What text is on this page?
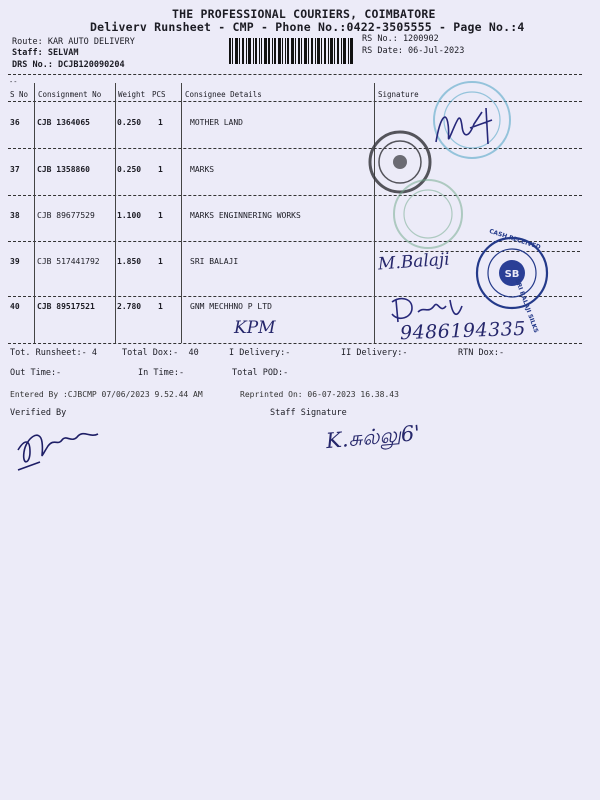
THE PROFESSIONAL COURIERS, COIMBATORE
Deliverv Runsheet - CMP - Phone No.:0422-3505555 - Page No.:4
Route: KAR AUTO DELIVERY
Staff: SELVAM
DRS No.: DCJB120090204
RS No.: 1200902
RS Date: 06-Jul-2023
--
S No Consignment No Weight PCS	Consignee Details	Signature
36 CJB 1364065	0.250 1	MOTHER LAND
37 CJB 1358860	0.250 1	MARKS
38 CJB 89677529	1.100 1	MARKS ENGINNERING WORKS
39 CJB 517441792 1.850 1	SRI BALAJI
40 CJB 89517521	2.780 1	GNM MECHHNO P LTD
M.Balaji
KPM	9486194335
K.சுல்லு6'
SB
CASH RECEIVED
SRI BALAJI SILKS
Tot. Runsheet:- 4	Total Dox:-  40	I Delivery:-	II Delivery:-	RTN Dox:-
Out Time:-	In Time:-	Total POD:-
Entered By :CJBCMP 07/06/2023 9.52.44 AM	Reprinted On: 06-07-2023 16.38.43
Verified By	Staff Signature
